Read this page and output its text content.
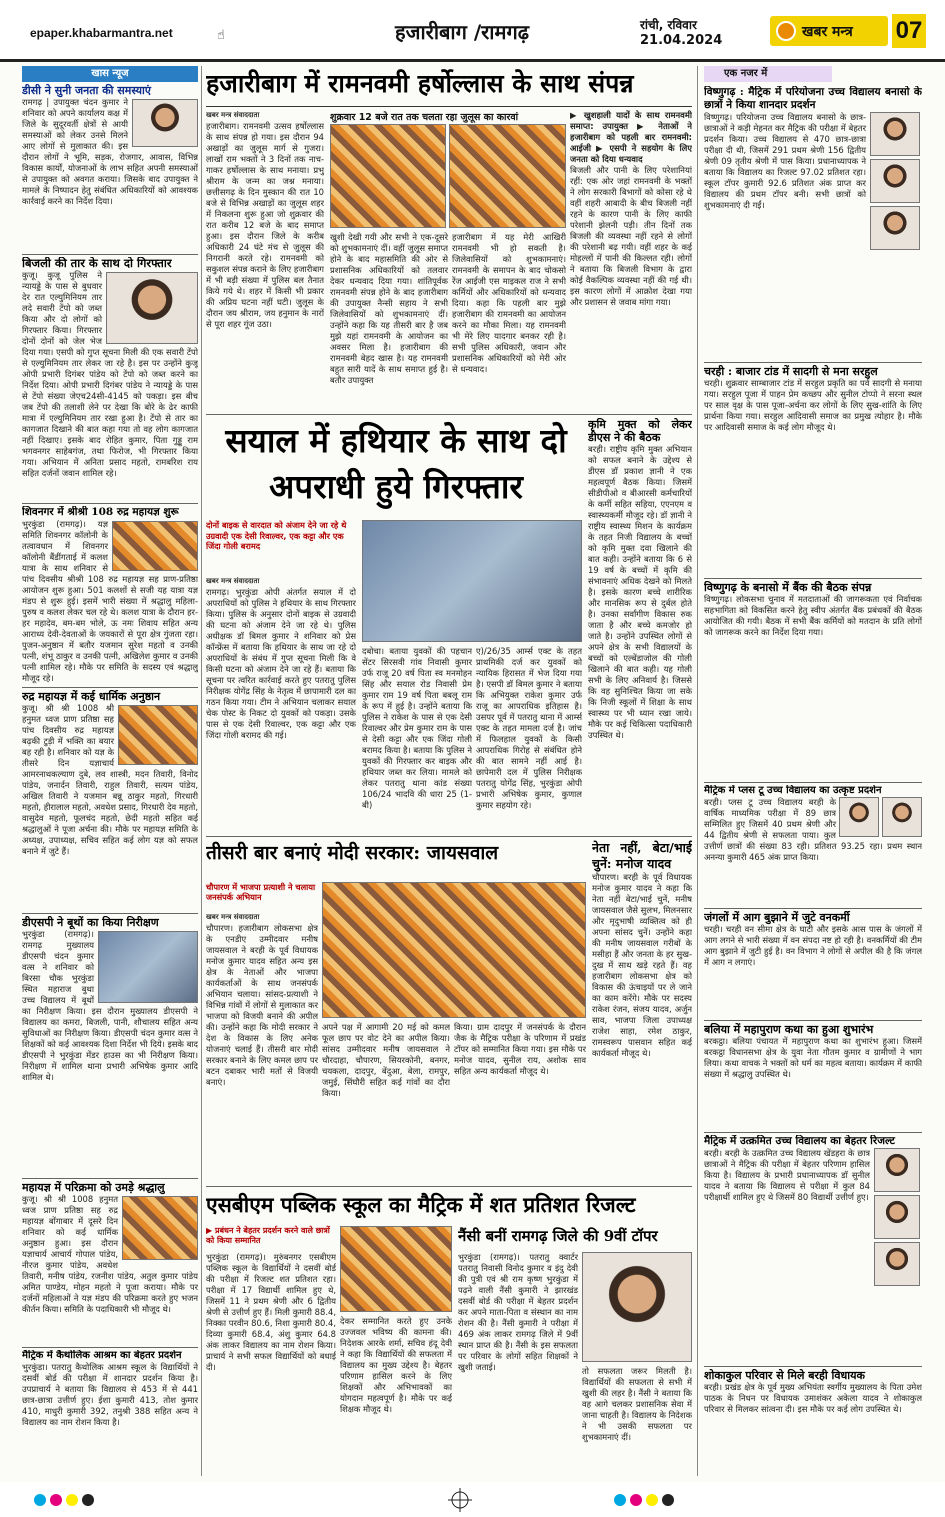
epaper.khabarmantra.net	☝	हजारीबाग /रामगढ़	रांची, रविवार
21.04.2024
खबर मन्त्र 07
खास न्यूज
डीसी ने सुनी जनता की समस्याएं

रामगढ़ | उपायुक्त चंदन कुमार ने शनिवार को अपने कार्यालय कक्ष में जिले के सुदूरवर्ती क्षेत्रों से आयी समस्याओं को लेकर उनसे मिलने आए लोगों से मुलाकात की। इस दौरान लोगों ने भूमि, सड़क, रोजगार, आवास, विभिन्न विकास कार्यों, योजनाओं के लाभ सहित अपनी समस्याओं से उपायुक्त को अवगत कराया। जिसके बाद उपायुक्त ने मामले के निष्पादन हेतु संबंधित अधिकारियों को आवश्यक कार्रवाई करने का निर्देश दिया।

बिजली की तार के साथ दो गिरफ्तार

कुजू। कुजू पुलिस ने न्यायड्डे के पास से बुधवार देर रात एल्युमिनियम तार लदे सवारी टेंपो को जब्त किया और दो लोगों को गिरफ्तार किया। गिरफ्तार दोनों दोनों को जेल भेज दिया गया। एसपी को गुप्त सूचना मिली की एक सवारी टेंपो से एल्युमिनियम तार लेकर जा रहे है। इस पर उन्होंने कुजू ओपी प्रभारी दिगंबर पांडेय को टेंपो को जब्त करने का निर्देश दिया। ओपी प्रभारी दिगंबर पांडेय ने न्यायड्डे के पास से टेंपो संख्या जेएच24सी-4145 को पकड़ा। इस बीच जब टेंपो की तलाशी लेने पर देखा कि बोरे के ढेर काफी मात्रा में एल्युमिनियम तार रखा हुआ है। टेंपो से तार का कागजात दिखाने की बात कहा गया तो वह लोग कागजात नहीं दिखाए। इसके बाद रोहित कुमार, पिता गुड्डू राम भगवनगर साहेबगंज, तथा फिरोज, भी गिरफ्तार किया गया। अभियान में अनिता प्रसाद महतो, रामबरिश राय सहित दर्जनों जवान शामिल रहे।

शिवनगर में श्रीश्री 108 रुद्र महायज्ञ शुरू

भुरकुंडा (रामगढ़)। यज्ञ समिति शिवनगर कॉलोनी के तत्वावधान में शिवनगर कॉलोनी बैंडींगताई में कलश यात्रा के साथ शनिवार से पांच दिवसीय श्रीश्री 108 रुद्र महायज्ञ सह प्राण-प्रतिष्ठा आयोजन शुरू हुआ। 501 कलशों से सजी यह यात्रा यज्ञ मंडप से शुरू हुई। इसमें भारी संख्या में श्रद्धालु महिला-पुरुष व कलश लेकर चल रहे थे। कलश यात्रा के दौरान हर-हर महादेव, बम-बम भोले, ऊ नमः शिवाय सहित अन्य आराध्य देवी-देवताओं के जयकारों से पूरा क्षेत्र गुंजता रहा। पुजन-अनुष्ठान में बतौर यजमान सुरेश महतो व उनकी पत्नी, शंभू ठाकुर व उनकी पत्नी, अखिलेश कुमार व उनकी पत्नी शामिल रहे। मौके पर समिति के सदस्य एवं श्रद्धालु मौजूद रहे।

रुद्र महायज्ञ में कई धार्मिक अनुष्ठान

कुजू। श्री श्री 1008 श्री हनुमत ध्वज प्राण प्रतिष्ठा सह पांच दिवसीय रुद्र महायज्ञ बढ़की टुड़ी में भक्ति का बयार बह रही है। शनिवार को यज्ञ के तीसरे दिन यज्ञाचार्य आमरनाथकल्याण दुबे, लव शास्त्री, मदन तिवारी, विनोद पांडेय, जनार्दन तिवारी, राहुल तिवारी, सत्यम पांडेय, अखिल तिवारी ने यजमान बन्नू ठाकुर महतो, गिरधारी महतो, हीरालाल महतो, अवधेश प्रसाद, गिरधारी देव महतो, वासुदेव महतो, फूलचंद महतो, छेदी महतो सहित कई श्रद्धालुओं ने पूजा अर्चना की। मौके पर महायज्ञ समिति के अध्यक्ष, उपाध्यक्ष, सचिव सहित कई लोग यज्ञ को सफल बनाने में जुटे हैं।

डीएसपी ने बूथों का किया निरीक्षण

भुरकुंडा (रामगढ़)। रामगढ़ मुख्यालय डीएसपी चंदन कुमार वत्स ने शनिवार को बिरसा चौक भुरकुंडा स्थित महाराज बुथा उच्च विद्यालय में बूथों का निरीक्षण किया। इस दौरान मुख्यालय डीएसपी ने विद्यालय का कमरा, बिजली, पानी, शौचालय सहित अन्य सुविधाओं का निरीक्षण किया। डीएसपी चंदन कुमार वत्स ने शिक्षकों को कई आवश्यक दिशा निर्देश भी दिये। इसके बाद डीएसपी ने भुरकुंडा मेंडर हाउस का भी निरीक्षण किया। निरीक्षण में शामिल थाना प्रभारी अभिषेक कुमार आदि शामिल थे।

महायज्ञ में परिक्रमा को उमड़े श्रद्धालु

कुजू। श्री श्री 1008 हनुमत ध्वज प्राण प्रतिष्ठा सह रुद्र महायज्ञ बोंगाबार में दूसरे दिन शनिवार को कई धार्मिक अनुष्ठान हुआ। इस दौरान यज्ञाचार्य आचार्य गोपाल पांडेय, नीरज कुमार पांडेय, अवधेश तिवारी, मनीष पांडेय, रजनीश पांडेय, अतुल कुमार पांडेय अमित पाण्डेय, मोहन महतो ने पूजा कराया। मौके पर दर्जनों महिलाओं ने यज्ञ मंडप की परिक्रमा करते हुए भजन कीर्तन किया। समिति के पदाधिकारी भी मौजूद थे।

मैट्रिक में कैथोलिक आश्रम का बेहतर प्रदर्शन

भुरकुंडा। पतरातु कैथोलिक आश्रम स्कूल के विद्यार्थियों ने दसवीं बोर्ड की परीक्षा में शानदार प्रदर्शन किया है। उपप्राचार्य ने बताया कि विद्यालय से 453 में से 441 छात्र-छात्रा उत्तीर्ण हुए। ईशा कुमारी 413, तोश कुमार 410, माधुरी कुमारी 392, तनुश्री 388 सहित अन्य ने विद्यालय का नाम रोशन किया है।

हजारीबाग में रामनवमी हर्षोल्लास के साथ संपन्न
खबर मन्त्र संवाददाता

हजारीबाग। रामनवमी उत्सव हर्षोल्लास के साथ संपन्न हो गया। इस दौरान 94 अखाड़ों का जुलूस मार्ग से गुजरा। लाखों राम भक्तों ने 3 दिनों तक नाच-गाकर हर्षोल्लास के साथ मनाया। प्रभु श्रीराम के जन्म का जश्न मनाया। छत्तीसगढ़ के दिन मुस्कान की रात 10 बजे से विभिन्न अखाड़ों का जुलूस शहर में निकलना शुरू हुआ जो शुक्रवार की रात करीब 12 बजे के बाद समाप्त हुआ। इस दौरान जिले के करीब अधिकारी 24 घंटे मंच से जुलूस की निगरानी करते रहे। रामनवमी को सकुशल संपन्न कराने के लिए हजारीबाग में भी बड़ी संख्या में पुलिस बल तैनात किये गये थे। शहर में किसी भी प्रकार की अप्रिय घटना नहीं घटी। जुलूस के दौरान जय श्रीराम, जय हनुमान के नारों से पूरा शहर गूंज उठा।

शुक्रवार 12 बजे रात तक चलता रहा जुलूस का कारवां

खुशी देखी गयी और सभी ने एक-दूसरे को शुभकामनाएं दीं। वहीं जुलूस समाप्त होने के बाद महासमिति की ओर से प्रशासनिक अधिकारियों को तलवार देकर धन्यवाद दिया गया। शांतिपूर्वक रामनवमी संपन्न होने के बाद हजारीबाग की उपायुक्त नैन्सी सहाय ने सभी जिलेवासियों को शुभकामनाएं दीं। उन्होंने कहा कि यह तीसरी बार है जब मुझे यहां रामनवमी के आयोजन का अवसर मिला है। हजारीबाग की रामनवमी बेहद खास है। यह रामनवमी बहुत सारी यादें के साथ समाप्त हुई है। बतौर उपायुक्त

हजारीबाग में यह मेरी आखिरी रामनवमी भी हो सकती है। जिलेवासियों को शुभकामनाएं। रामनवमी के समापन के बाद चोकसो रेंज आईजी एस माइकल राज ने सभी कर्मियों और अधिकारियों को धन्यवाद दिया। कहा कि पहली बार मुझे हजारीबाग की रामनवमी का आयोजन करने का मौका मिला। यह रामनवमी भी मेरे लिए यादगार बनकर रही है। सभी पुलिस अधिकारी, जवान और प्रशासनिक अधिकारियों को मेरी ओर से धन्यवाद।

▶ खुशहाली यादों के साथ रामनवमी समाप्त: उपायुक्त ▶ नेताओं ने हजारीबाग को पहली बार रामनवमी: आईजी ▶ एसपी ने सहयोग के लिए जनता को दिया धन्यवाद

बिजली और पानी के लिए परेशानियां रहीं: एक ओर जहां रामनवमी के भक्तों ने लोग सरकारी बिभागों को कोसा रहे थे वहीं शहरी आबादी के बीच बिजली नहीं रहने के कारण पानी के लिए काफी परेशानी झेलनी पड़ी। तीन दिनों तक बिजली की व्यवस्था नहीं रहने से लोगों की परेशानी बढ़ गयी। वहीं शहर के कई मोहल्लों में पानी की किल्लत रही। लोगों ने बताया कि बिजली विभाग के द्वारा कोई वैकल्पिक व्यवस्था नहीं की गई थी। इस कारण लोगों में आक्रोश देखा गया और प्रशासन से जवाब मांगा गया।

सयाल में हथियार के साथ दो अपराधी हुये गिरफ्तार
दोनों बाइक से वारदात को अंजाम देने जा रहे थे उग्रवादी एक देसी रिवाल्वर, एक कट्टा और एक जिंदा गोली बरामद
खबर मन्त्र संवाददाता

रामगढ़। भुरकुंडा ओपी अंतर्गत सयाल में दो अपराधियों को पुलिस ने हथियार के साथ गिरफ्तार किया। पुलिस के अनुसार दोनों बाइक से उग्रवादी की घटना को अंजाम देने जा रहे थे। पुलिस अधीक्षक डॉ बिमल कुमार ने शनिवार को प्रेस कॉन्फ्रेंस में बताया कि हथियार के साथ जा रहे दो अपराधियों के संबंध में गुप्त सूचना मिली कि वे किसी घटना को अंजाम देने जा रहे हैं। बताया कि सूचना पर त्वरित कार्रवाई करते हुए पतरातु पुलिस निरीक्षक योगेंद्र सिंह के नेतृत्व में छापामारी दल का गठन किया गया। टीम ने अभियान चलाकर सयाल चेक पोस्ट के निकट दो युवकों को पकड़ा। उसके पास से एक देसी रिवाल्वर, एक कट्टा और एक जिंदा गोली बरामद की गई।

दबोचा। बताया युवकों की पहचान सेंटर सिरसवी गांव निवासी कुमार उर्फ राजू 20 वर्ष पिता स्व मनमोहन सिंह और सयाल रोड निवासी प्रेम कुमार राम 19 वर्ष पिता बबलू राम के रूप में हुई है। उन्होंने बताया कि पुलिस ने राकेश के पास से एक देसी रिवाल्वर और प्रेम कुमार राम के पास से देसी कट्टा और एक जिंदा गोली बरामद किया है। बताया कि पुलिस ने युवकों की गिरफ्तार कर बाइक और हथियार जब्त कर लिया। मामले को लेकर पतरातु थाना कांड संख्या 106/24 भादवि की धारा 25 (1-बी)

ए)/26/35 आर्म्स एक्ट के तहत प्राथमिकी दर्ज कर युवकों को न्यायिक हिरासत में भेज दिया गया है। एसपी डॉ बिमल कुमार ने बताया कि अभियुक्त राकेश कुमार उर्फ राजू का आपराधिक इतिहास है। उसपर पूर्व में पतरातु थाना में आर्म्स एक्ट के तहत मामला दर्ज है। जांच में फिलहाल युवकों के किसी आपराधिक गिरोह से संबंधित होने की बात सामने नहीं आई है। छापेमारी दल में पुलिस निरीक्षक पतरातु योगेंद्र सिंह, भुरकुंडा ओपी प्रभारी अभिषेक कुमार, कुणाल कुमार सहयोग रहे।

कृमि मुक्त को लेकर डीएस ने की बैठक

बरही। राष्ट्रीय कृमि मुक्त अभियान को सफल बनाने के उद्देश्य से डीएस डॉ प्रकाश ज्ञानी ने एक महत्वपूर्ण बैठक किया। जिसमें सीडीपीओ व बीआरसी कर्मचारियों के कर्मी सहित सहिया, एएनएम व स्वास्थ्यकर्मी मौजूद रहे। डॉ ज्ञानी ने राष्ट्रीय स्वास्थ्य मिशन के कार्यक्रम के तहत निजी विद्यालय के बच्चों को कृमि मुक्त दवा खिलाने की बात कही। उन्होंने बताया कि 6 से 19 वर्ष के बच्चों में कृमि की संभावनाएं अधिक देखने को मिलते है। इसके कारण बच्चे शारीरिक और मानसिक रूप से दुर्बल होते है। उनका सर्वांगीण विकास रुक जाता है और बच्चे कमजोर हो जाते है। उन्होंने उपस्थित लोगों से अपने क्षेत्र के सभी विद्यालयों के बच्चों को एल्बेंडाजोल की गोली खिलाने की बात कही। यह गोली सभी के लिए अनिवार्य है। जिससे कि वह सुनिश्चित किया जा सके कि निजी स्कूलों में शिक्षा के साथ स्वास्थ्य पर भी ध्यान रखा जाये। मौके पर कई चिकित्सा पदाधिकारी उपस्थित थे।

तीसरी बार बनाएं मोदी सरकार: जायसवाल
चौपारण में भाजपा प्रत्याशी ने चलाया जनसंपर्क अभियान
खबर मन्त्र संवाददाता

चौपारण। हजारीबाग लोकसभा क्षेत्र के एनडीए उम्मीदवार मनीष जायसवाल ने बरही के पूर्व विधायक मनोज कुमार यादव सहित अन्य इस क्षेत्र के नेताओं और भाजपा कार्यकर्ताओं के साथ जनसंपर्क अभियान चलाया। सांसद-प्रत्याशी ने विभिन्न गांवों में लोगों से मुलाकात कर भाजपा को विजयी बनाने की अपील की। उन्होंने कहा कि मोदी सरकार ने देश के विकास के लिए अनेक योजनाएं चलाई हैं। तीसरी बार मोदी सरकार बनाने के लिए कमल छाप पर बटन दबाकर भारी मतों से विजयी बनाएं।

अपने पक्ष में आगामी 20 मई को कमल फूल छाप पर वोट देने का अपील किया। सांसद उम्मीदवार मनीष जायसवाल ने चौरदाहा, चौपारण, सियरकोनी, बनगर, चयकला, दादपुर, बेंदुआ, बेला, रामपुर, जमुई, सिंघौरी सहित कई गांवों का दौरा किया।

किया। ग्राम दादपुर में जनसंपर्क के दौरान जैक के मैट्रिक परीक्षा के परिणाम में प्रखंड टॉपर को सम्मानित किया गया। इस मौके पर मनोज यादव, सुनील राय, अशोक साव सहित अन्य कार्यकर्ता मौजूद थे।

नेता नहीं, बेटा/भाई चुनें: मनोज यादव

चौपारण। बरही के पूर्व विधायक मनोज कुमार यादव ने कहा कि नेता नहीं बेटा/भाई चुनें, मनीष जायसवाल जैसे सुलभ, मिलनसार और मृदुभाषी व्यक्तित्व को ही अपना सांसद चुनें। उन्होंने कहा की मनीष जायसवाल गरीबों के मसीहा हैं और जनता के हर सुख-दुख में साथ खड़े रहते हैं। वह हजारीबाग लोकसभा क्षेत्र को विकास की ऊंचाइयों पर ले जाने का काम करेंगे। मौके पर सदस्य राकेश रंजन, संजय यादव, अर्जुन साव, भाजपा जिला उपाध्यक्ष राजेश साहा, रमेश ठाकुर, रामस्वरूप पासवान सहित कई कार्यकर्ता मौजूद थे।

एसबीएम पब्लिक स्कूल का मैट्रिक में शत प्रतिशत रिजल्ट
▶ प्रबंधन ने बेहतर प्रदर्शन करने वाले छात्रों को किया सम्मानित

भुरकुंडा (रामगढ़)। मुरुंबनगर एसबीएम पब्लिक स्कूल के विद्यार्थियों ने दसवीं बोर्ड की परीक्षा में रिजल्ट शत प्रतिशत रहा। परीक्षा में 17 विद्यार्थी शामिल हुए थे, जिसमें 11 ने प्रथम श्रेणी और 6 द्वितीय श्रेणी से उत्तीर्ण हुए हैं। मिली कुमारी 88.4, निक्का परवीन 80.6, निशा कुमारी 80.4, दिव्या कुमारी 68.4, अंशु कुमार 64.8 अंक लाकर विद्यालय का नाम रोशन किया। प्राचार्य ने सभी सफल विद्यार्थियों को बधाई दी।

देकर सम्मानित करते हुए उनके उज्जवल भविष्य की कामना की। निदेशक आरके शर्मा, सचिव हंदू देवी ने कहा कि विद्यार्थियों की सफलता में विद्यालय का मुख्य उद्देश्य है। बेहतर परिणाम हासिल करने के लिए शिक्षकों और अभिभावकों का योगदान महत्वपूर्ण है। मौके पर कई शिक्षक मौजूद थे।

नैंसी बनीं रामगढ़ जिले की 9वीं टॉपर

भुरकुंडा (रामगढ़)। पतरातु क्वार्टर पतरातु निवासी विनोद कुमार व इंदु देवी की पुत्री एवं श्री राम कृष्ण भुरकुंडा में पढ़ने वाली नैंसी कुमारी ने झारखंड दसवीं बोर्ड की परीक्षा में बेहतर प्रदर्शन कर अपने माता-पिता व संस्थान का नाम रोशन की है। नैंसी कुमारी ने परीक्षा में 469 अंक लाकर रामगढ़ जिले में 9वीं स्थान प्राप्त की है। नैंसी के इस सफलता पर परिवार के लोगों सहित शिक्षकों ने खुशी जताई।	तो सफलता जरूर मिलती है। विद्यार्थियों की सफलता से सभी में खुशी की लहर है। नैंसी ने बताया कि वह आगे चलकर प्रशासनिक सेवा में जाना चाहती है। विद्यालय के निदेशक ने भी उसकी सफलता पर शुभकामनाएं दीं।

एक नजर में
विष्णुगढ़ : मैट्रिक में परियोजना उच्च विद्यालय बनासो के छात्रों ने किया शानदार प्रदर्शन

विष्णुगढ़। परियोजना उच्च विद्यालय बनासो के छात्र-छात्राओं ने कड़ी मेहनत कर मैट्रिक की परीक्षा में बेहतर प्रदर्शन किया। उच्च विद्यालय से 470 छात्र-छात्रा परीक्षा दी थी, जिसमें 291 प्रथम श्रेणी 156 द्वितीय श्रेणी 09 तृतीय श्रेणी में पास किया। प्रधानाध्यापक ने बताया कि विद्यालय का रिजल्ट 97.02 प्रतिशत रहा। स्कूल टॉपर कुमारी 92.6 प्रतिशत अंक प्राप्त कर विद्यालय की प्रथम टॉपर बनी। सभी छात्रों को शुभकामनाएं दी गईं।

चरही : बाजार टांड में सादगी से मना सरहुल

चरही। शुक्रवार साम्बाजार टांड में सरहुल प्रकृति का पर्व सादगी से मनाया गया। सरहुल पूजा में पाहन प्रेम कच्छप और सुनील टोप्पो ने सरना स्थल पर साल वृक्ष के पास पूजा-अर्चना कर लोगों के लिए सुख-शांति के लिए प्रार्थना किया गया। सरहुल आदिवासी समाज का प्रमुख त्योहार है। मौके पर आदिवासी समाज के कई लोग मौजूद थे।

विष्णुगढ़ के बनासो में बैंक की बैठक संपन्न

विष्णुगढ़। लोकसभा चुनाव में मतदाताओं की जागरूकता एवं निर्वाचक सहभागिता को विकसित करने हेतु स्वीप अंतर्गत बैंक प्रबंधकों की बैठक आयोजित की गयी। बैठक में सभी बैंक कर्मियों को मतदान के प्रति लोगों को जागरूक करने का निर्देश दिया गया।

मैट्रिक में प्लस टू उच्च विद्यालय का उत्कृष्ट प्रदर्शन

बरही। प्लस टू उच्च विद्यालय बरही के वार्षिक माध्यमिक परीक्षा में 89 छात्र सम्मिलित हुए जिसमें 40 प्रथम श्रेणी और 44 द्वितीय श्रेणी से सफलता पाया। कुल उत्तीर्ण छात्रों की संख्या 83 रही। प्रतिशत 93.25 रहा। प्रथम स्थान अनन्या कुमारी 465 अंक प्राप्त किया।

जंगलों में आग बुझाने में जुटे वनकर्मी

चरही। चरही वन सीमा क्षेत्र के घाटी और इसके आस पास के जंगलों में आग लगने से भारी संख्या में वन संपदा नष्ट हो रही है। वनकर्मियों की टीम आग बुझाने में जुटी हुई है। वन विभाग ने लोगों से अपील की है कि जंगल में आग न लगाएं।

बलिया में महापुराण कथा का हुआ शुभारंभ

बरकट्ठा। बलिया पंचायत में महापुराण कथा का शुभारंभ हुआ। जिसमें बरकट्ठा विधानसभा क्षेत्र के युवा नेता गौतम कुमार व ग्रामीणों ने भाग लिया। कथा वाचक ने भक्तों को धर्म का महत्व बताया। कार्यक्रम में काफी संख्या में श्रद्धालु उपस्थित थे।

मैट्रिक में उत्क्रमित उच्च विद्यालय का बेहतर रिजल्ट

बरही। बरही के उत्क्रमित उच्च विद्यालय खेंडहरा के छात्र छात्राओं ने मैट्रिक की परीक्षा में बेहतर परिणाम हासिल किया है। विद्यालय के प्रभारी प्रधानाध्यापक डॉ सुनील यादव ने बताया कि विद्यालय से परीक्षा में कुल 84 परीक्षार्थी शामिल हुए थे जिसमें 80 विद्यार्थी उत्तीर्ण हुए।

शोकाकुल परिवार से मिले बरही विधायक

बरही। प्रखंड क्षेत्र के पूर्व मुख्य अभियंता स्वर्गीय मुख्यालय के पिता उमेश पाठक के निधन पर विधायक उमाशंकर अकेला यादव ने शोकाकुल परिवार से मिलकर सांत्वना दी। इस मौके पर कई लोग उपस्थित थे।
